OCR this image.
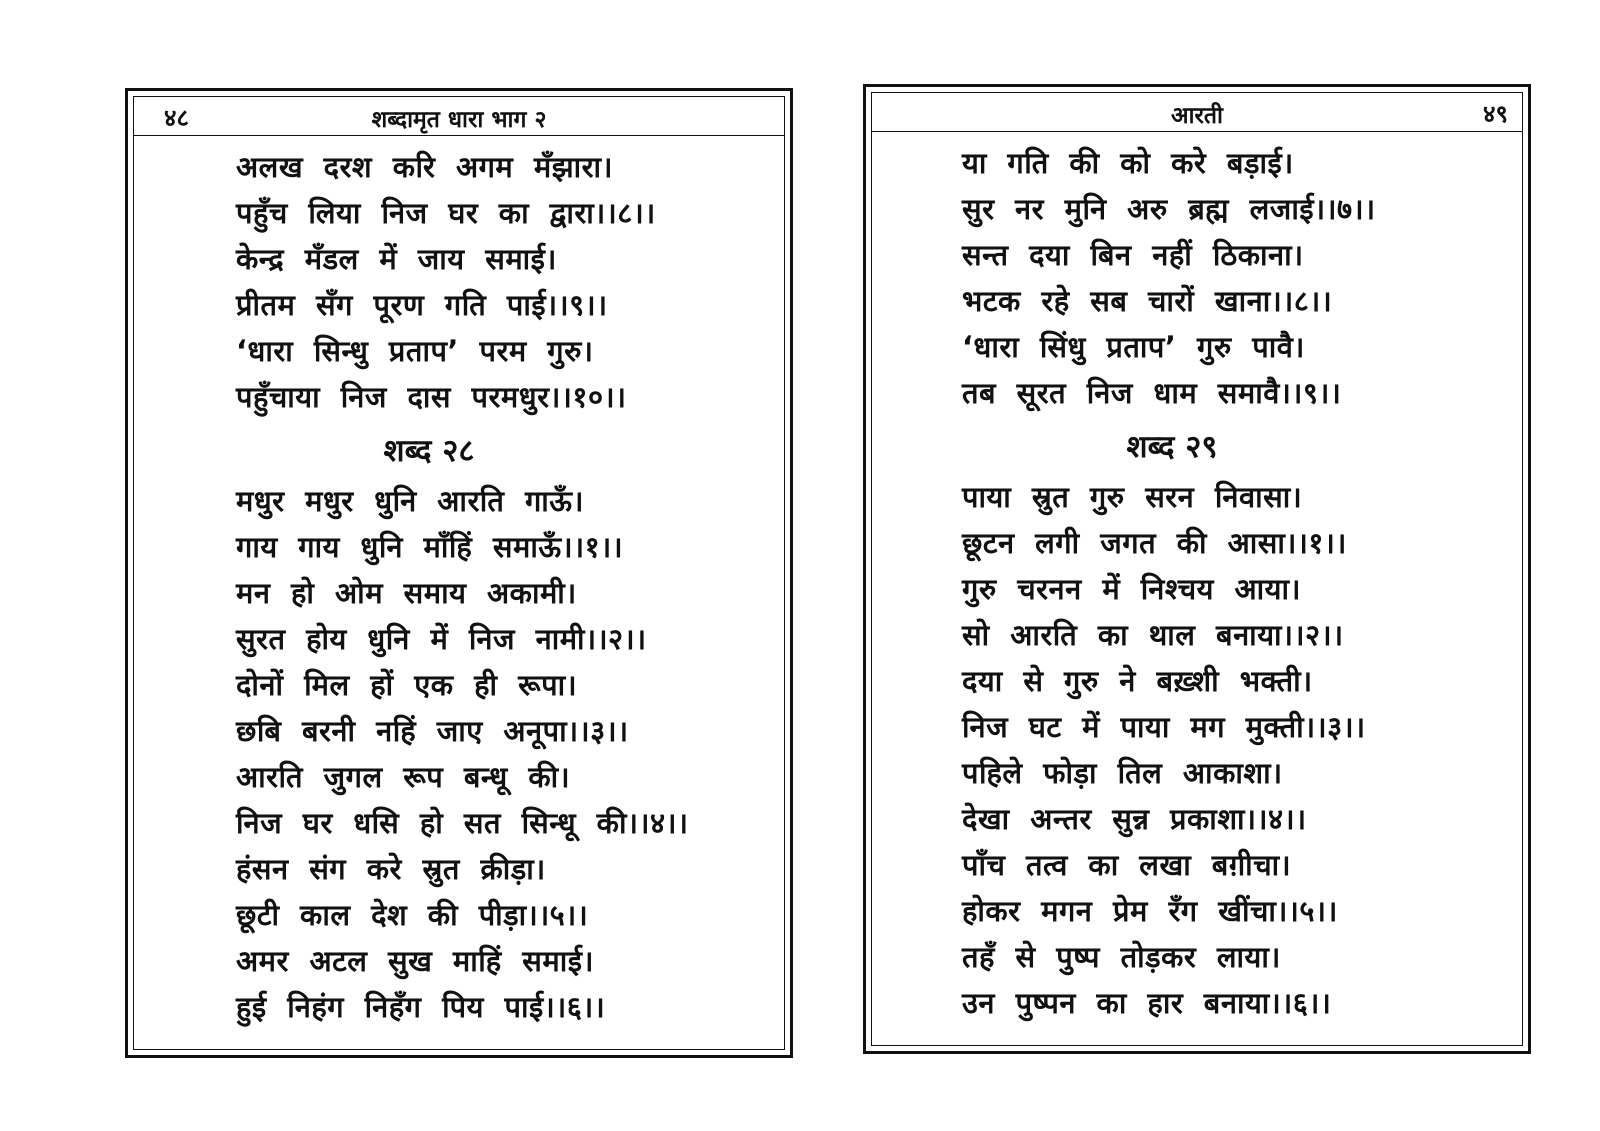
४८	शब्दामृत धारा भाग २
अलख दरश करि अगम मँझारा।
पहुँच लिया निज घर का द्वारा।।८।।
केन्द्र मँडल में जाय समाई।
प्रीतम सँग पूरण गति पाई।।९।।
‘धारा सिन्धु प्रताप’ परम गुरु।
पहुँचाया निज दास परमधुर।।१०।।
शब्द २८
मधुर मधुर धुनि आरति गाऊँ।
गाय गाय धुनि माँहिं समाऊँ।।१।।
मन हो ओम समाय अकामी।
सुरत होय धुनि में निज नामी।।२।।
दोनों मिल हों एक ही रूपा।
छबि बरनी नहिं जाए अनूपा।।३।।
आरति जुगल रूप बन्धू की।
निज घर धसि हो सत सिन्धू की।।४।।
हंसन संग करे स्रुत क्रीड़ा।
छूटी काल देश की पीड़ा।।५।।
अमर अटल सुख माहिं समाई।
हुई निहंग निहँग पिय पाई।।६।।
आरती	४९
या गति की को करे बड़ाई।
सुर नर मुनि अरु ब्रह्म लजाई।।७।।
सन्त दया बिन नहीं ठिकाना।
भटक रहे सब चारों खाना।।८।।
‘धारा सिंधु प्रताप’ गुरु पावै।
तब सूरत निज धाम समावै।।९।।
शब्द २९
पाया स्रुत गुरु सरन निवासा।
छूटन लगी जगत की आसा।।१।।
गुरु चरनन में निश्चय आया।
सो आरति का थाल बनाया।।२।।
दया से गुरु ने बख़्शी भक्ती।
निज घट में पाया मग मुक्ती।।३।।
पहिले फोड़ा तिल आकाशा।
देखा अन्तर सुन्न प्रकाशा।।४।।
पाँच तत्व का लखा बग़ीचा।
होकर मगन प्रेम रँग खींचा।।५।।
तहँ से पुष्प तोड़कर लाया।
उन पुष्पन का हार बनाया।।६।।
